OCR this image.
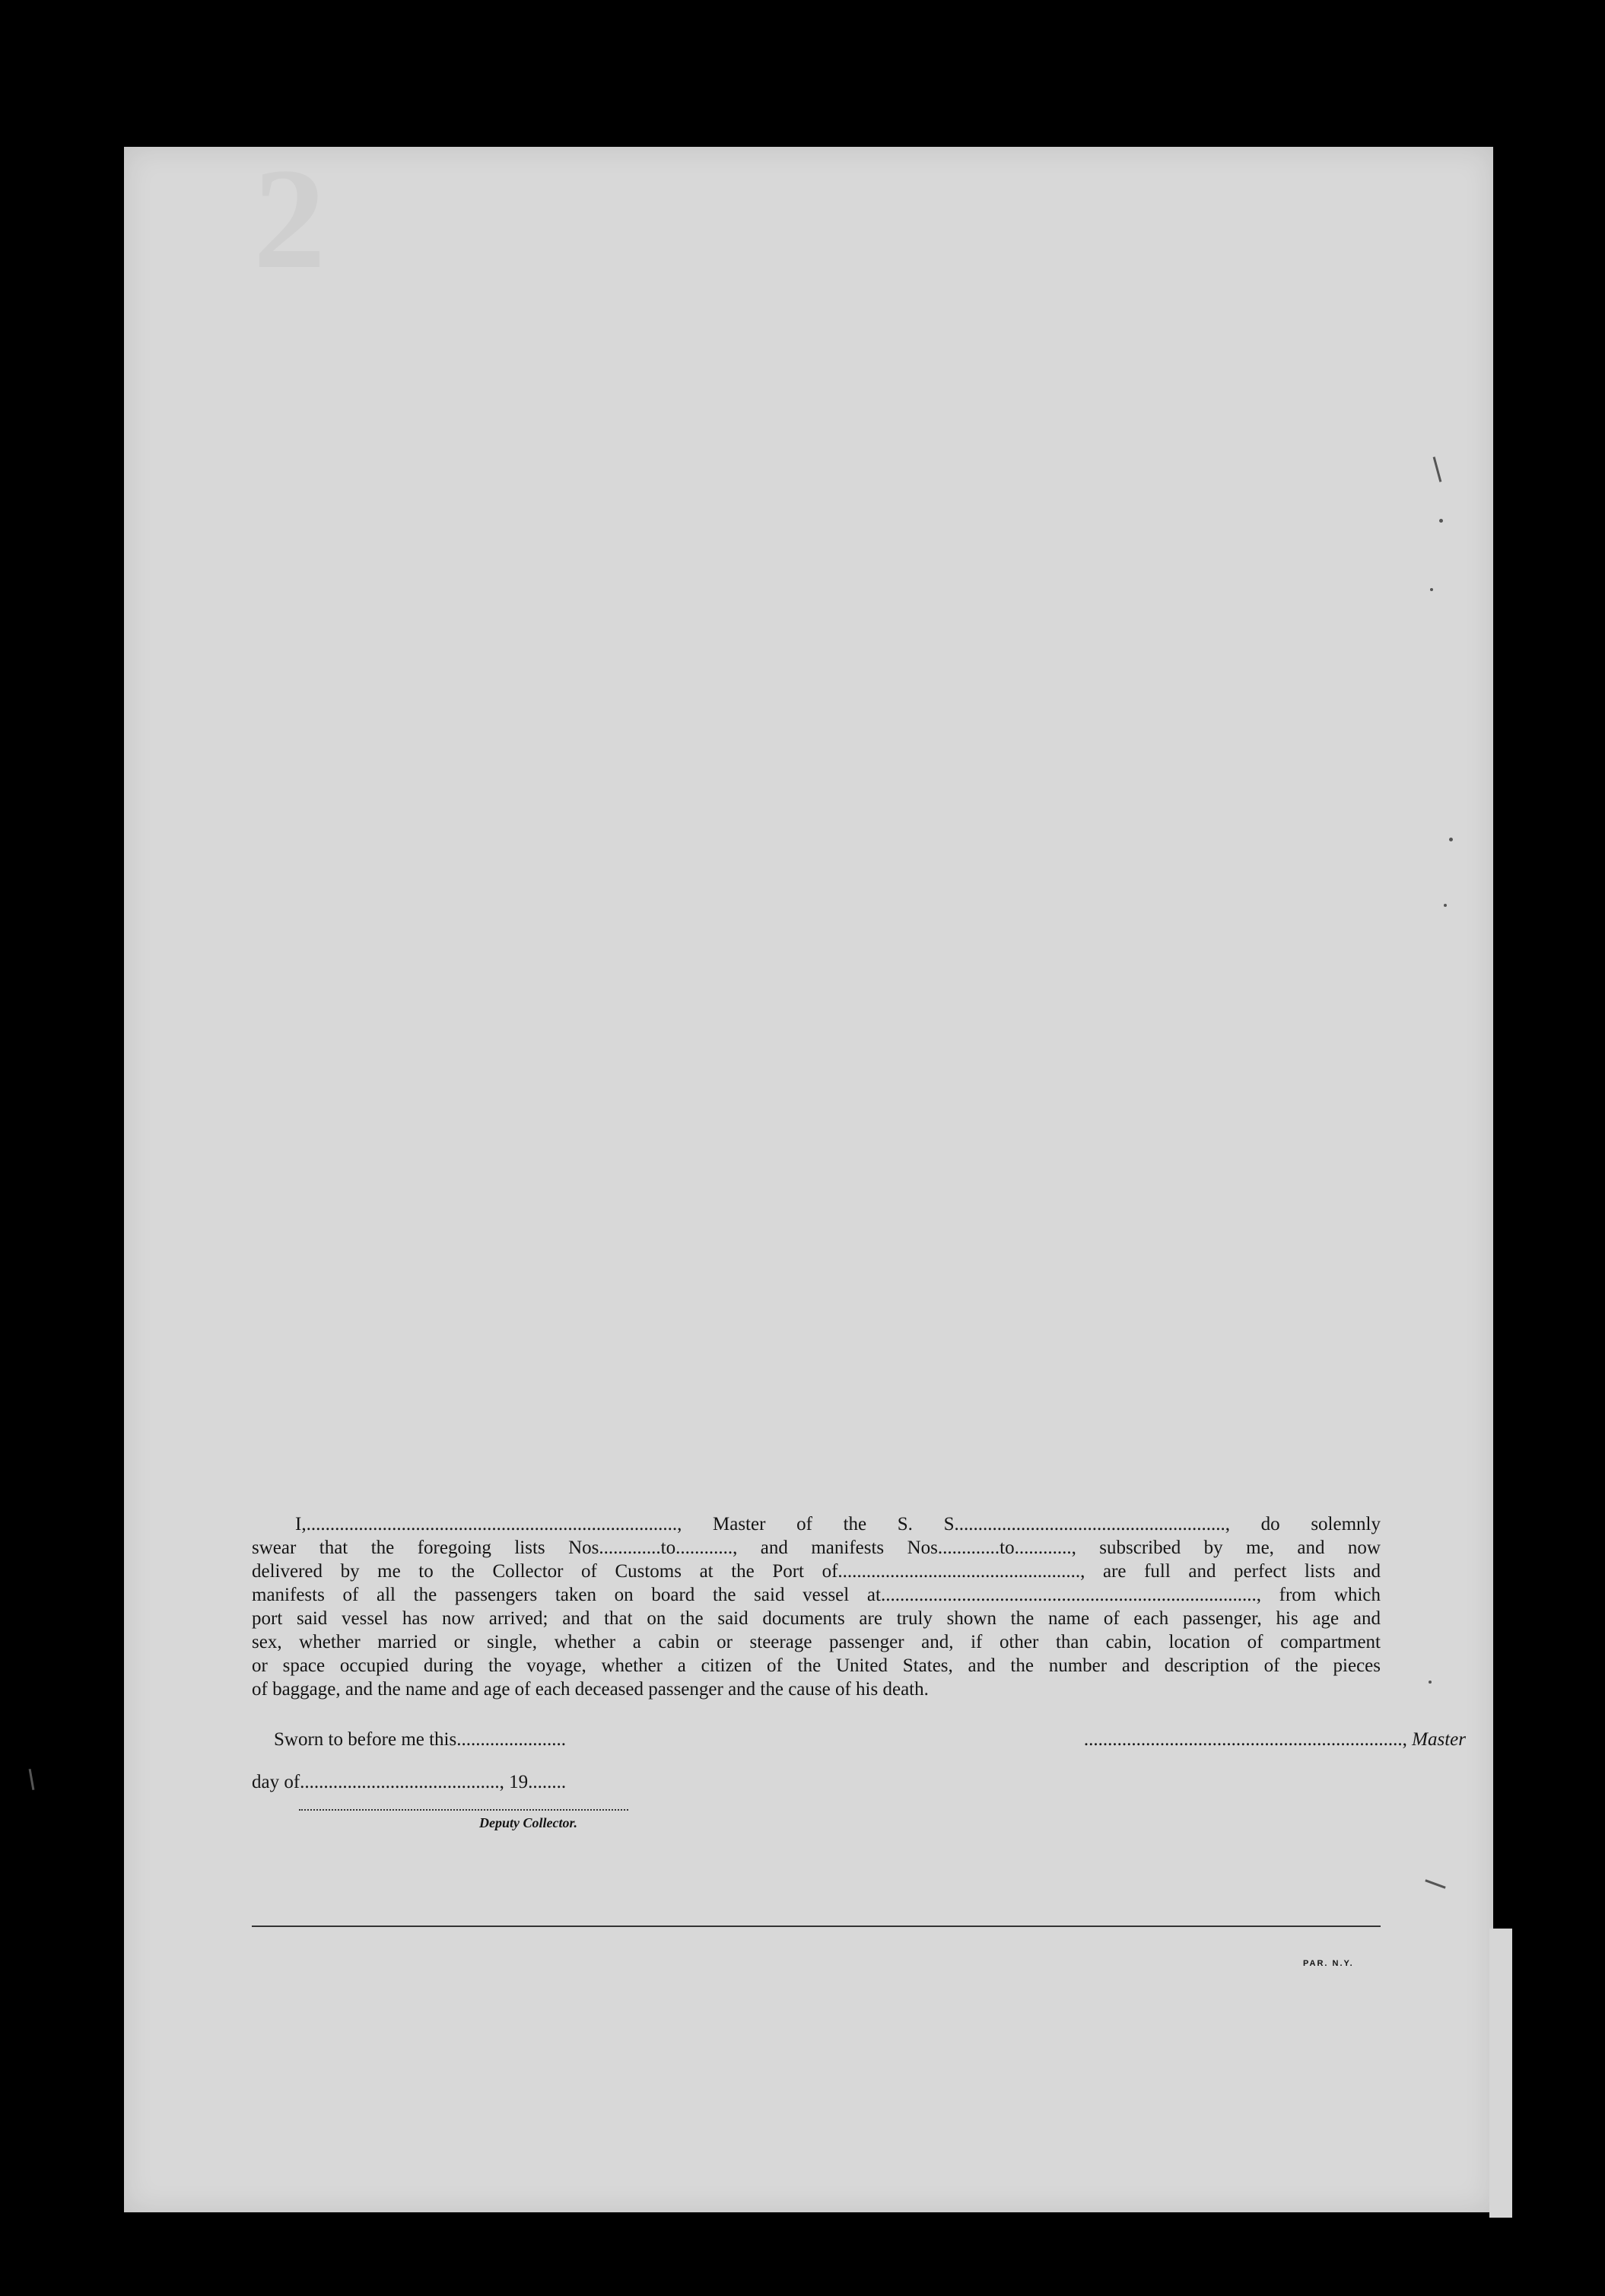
2
I,.............................................................................., Master of the S. S........................................................., do solemnly
swear that the foregoing lists Nos.............to............, and manifests Nos.............to............, subscribed by me, and now
delivered by me to the Collector of Customs at the Port of..................................................., are full and perfect lists and
manifests of all the passengers taken on board the said vessel at..............................................................................., from which
port said vessel has now arrived; and that on the said documents are truly shown the name of each passenger, his age and
sex, whether married or single, whether a cabin or steerage passenger and, if other than cabin, location of compartment
or space occupied during the voyage, whether a citizen of the United States, and the number and description of the pieces
of baggage, and the name and age of each deceased passenger and the cause of his death.
Sworn to before me this.......................	..................................................................., Master
day of.........................................., 19........
Deputy Collector.
PAR. N.Y.
